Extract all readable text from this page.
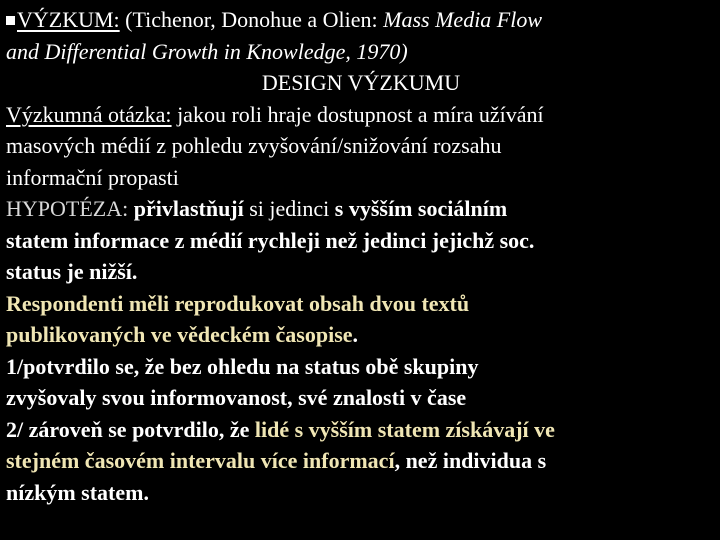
VÝZKUM: (Tichenor, Donohue a Olien: Mass Media Flow
and Differential Growth in Knowledge, 1970)
DESIGN VÝZKUMU
Výzkumná otázka: jakou roli hraje dostupnost a míra užívání
masových médií z pohledu zvyšování/snižování rozsahu
informační propasti
HYPOTÉZA: přivlastňují si jedinci s vyšším sociálním
statem informace z médií rychleji než jedinci jejichž soc.
status je nižší.
Respondenti měli reprodukovat obsah dvou textů
publikovaných ve vědeckém časopise.
1/potvrdilo se, že bez ohledu na status obě skupiny
zvyšovaly svou informovanost, své znalosti v čase
2/ zároveň se potvrdilo, že lidé s vyšším statem získávají ve
stejném časovém intervalu více informací, než individua s
nízkým statem.
